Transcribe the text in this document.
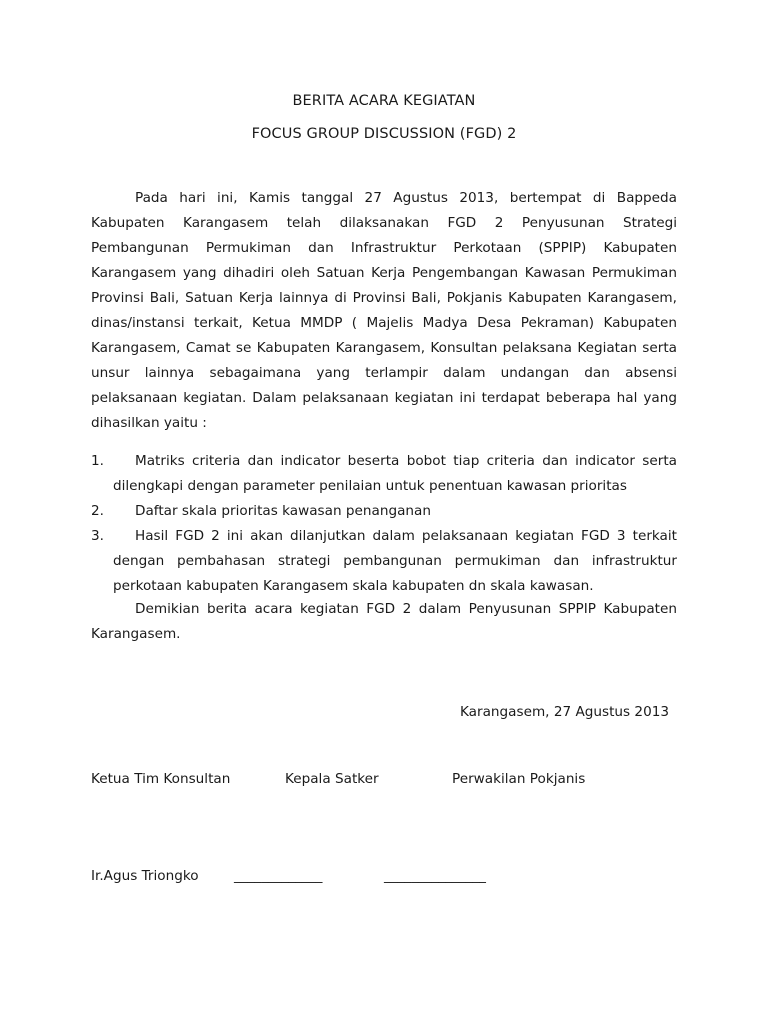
BERITA ACARA KEGIATAN
FOCUS GROUP DISCUSSION (FGD) 2

Pada hari ini, Kamis tanggal 27 Agustus 2013, bertempat di Bappeda Kabupaten Karangasem telah dilaksanakan FGD 2 Penyusunan Strategi Pembangunan Permukiman dan Infrastruktur Perkotaan (SPPIP) Kabupaten Karangasem yang dihadiri oleh Satuan Kerja Pengembangan Kawasan Permukiman Provinsi Bali, Satuan Kerja lainnya di Provinsi Bali, Pokjanis Kabupaten Karangasem, dinas/instansi terkait, Ketua MMDP ( Majelis Madya Desa Pekraman) Kabupaten Karangasem, Camat se Kabupaten Karangasem, Konsultan pelaksana Kegiatan serta unsur lainnya sebagaimana yang terlampir dalam undangan dan absensi pelaksanaan kegiatan. Dalam pelaksanaan kegiatan ini terdapat beberapa hal yang dihasilkan yaitu :

1.	Matriks criteria dan indicator beserta bobot tiap criteria dan indicator serta dilengkapi dengan parameter penilaian untuk penentuan kawasan prioritas
2.	Daftar skala prioritas kawasan penanganan
3.	Hasil FGD 2 ini akan dilanjutkan dalam pelaksanaan kegiatan FGD 3 terkait dengan pembahasan strategi pembangunan permukiman dan infrastruktur perkotaan kabupaten Karangasem skala kabupaten dn skala kawasan.

Demikian berita acara kegiatan FGD 2 dalam Penyusunan SPPIP Kabupaten Karangasem.

Karangasem, 27 Agustus 2013
Ketua Tim Konsultan	Kepala Satker	Perwakilan Pokjanis
Ir.Agus Triongko	_____________	_______________
